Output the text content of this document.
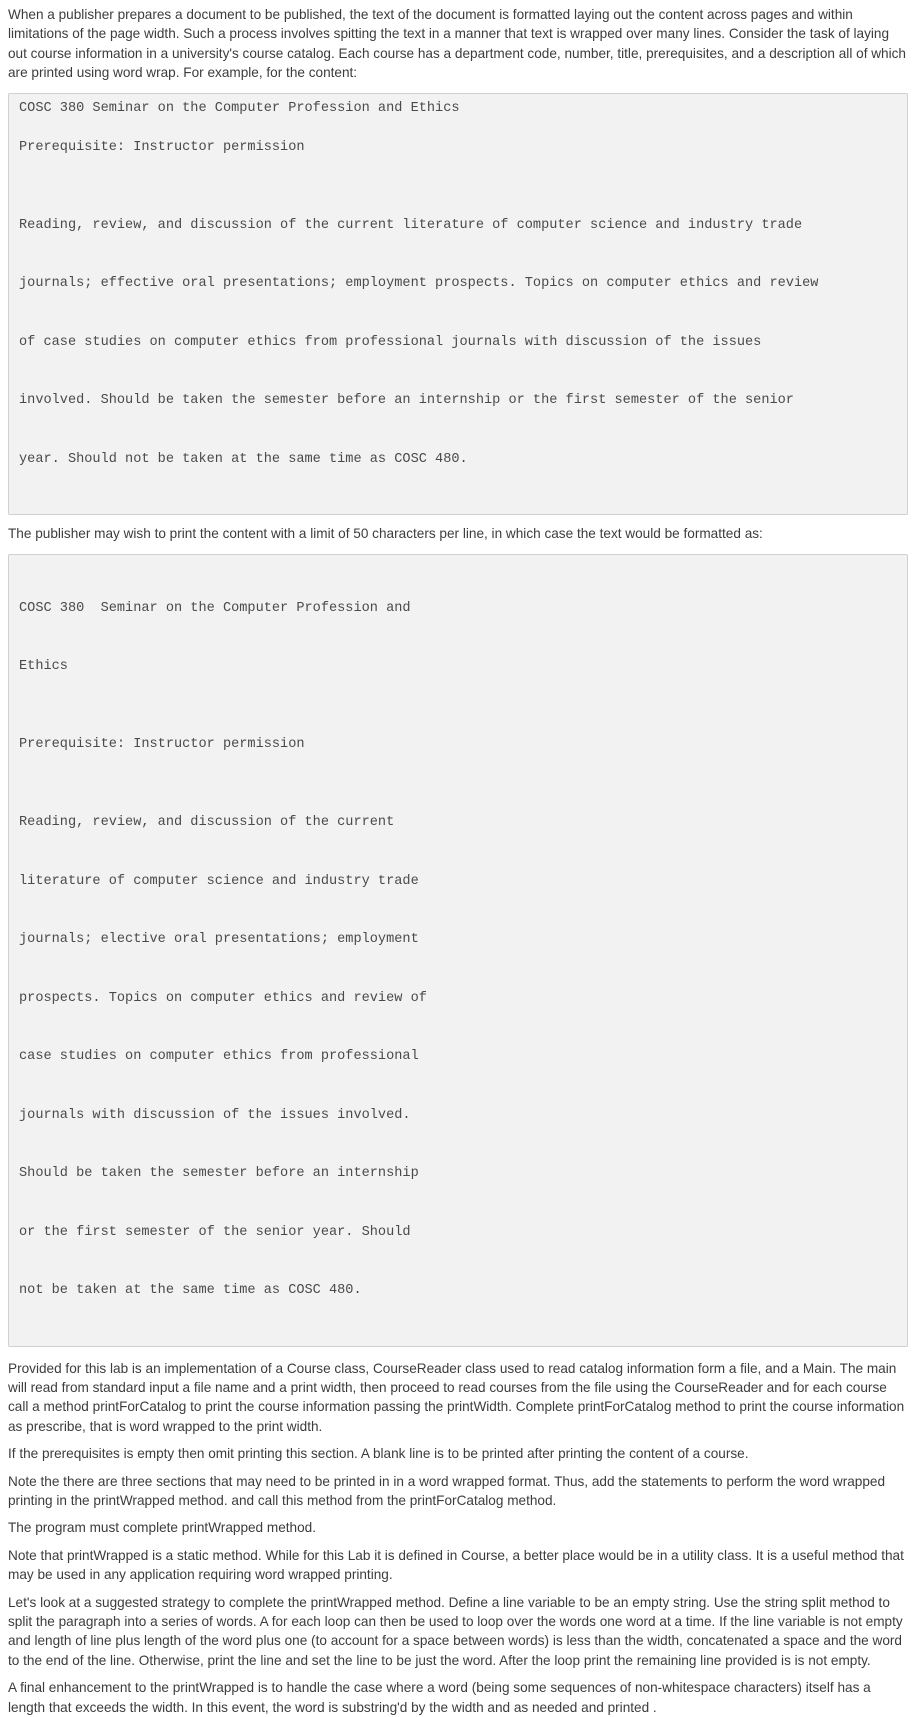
When a publisher prepares a document to be published, the text of the document is formatted laying out the content across pages and within limitations of the page width. Such a process involves spitting the text in a manner that text is wrapped over many lines. Consider the task of laying out course information in a university's course catalog. Each course has a department code, number, title, prerequisites, and a description all of which are printed using word wrap. For example, for the content:

COSC 380 Seminar on the Computer Profession and Ethics
Prerequisite: Instructor permission

Reading, review, and discussion of the current literature of computer science and industry trade

journals; effective oral presentations; employment prospects. Topics on computer ethics and review

of case studies on computer ethics from professional journals with discussion of the issues

involved. Should be taken the semester before an internship or the first semester of the senior

year. Should not be taken at the same time as COSC 480.

The publisher may wish to print the content with a limit of 50 characters per line, in which case the text would be formatted as:

COSC 380  Seminar on the Computer Profession and

Ethics

Prerequisite: Instructor permission

Reading, review, and discussion of the current

literature of computer science and industry trade

journals; elective oral presentations; employment

prospects. Topics on computer ethics and review of

case studies on computer ethics from professional

journals with discussion of the issues involved.

Should be taken the semester before an internship

or the first semester of the senior year. Should

not be taken at the same time as COSC 480.

Provided for this lab is an implementation of a Course class, CourseReader class used to read catalog information form a file, and a Main. The main will read from standard input a file name and a print width, then proceed to read courses from the file using the CourseReader and for each course call a method printForCatalog to print the course information passing the printWidth. Complete printForCatalog method to print the course information as prescribe, that is word wrapped to the print width.

If the prerequisites is empty then omit printing this section. A blank line is to be printed after printing the content of a course.

Note the there are three sections that may need to be printed in in a word wrapped format. Thus, add the statements to perform the word wrapped printing in the printWrapped method. and call this method from the printForCatalog method.

The program must complete printWrapped method.

Note that printWrapped is a static method. While for this Lab it is defined in Course, a better place would be in a utility class. It is a useful method that may be used in any application requiring word wrapped printing.

Let's look at a suggested strategy to complete the printWrapped method. Define a line variable to be an empty string. Use the string split method to split the paragraph into a series of words. A for each loop can then be used to loop over the words one word at a time. If the line variable is not empty and length of line plus length of the word plus one (to account for a space between words) is less than the width, concatenated a space and the word to the end of the line. Otherwise, print the line and set the line to be just the word. After the loop print the remaining line provided is is not empty.

A final enhancement to the printWrapped is to handle the case where a word (being some sequences of non-whitespace characters) itself has a length that exceeds the width. In this event, the word is substring'd by the width and as needed and printed .
